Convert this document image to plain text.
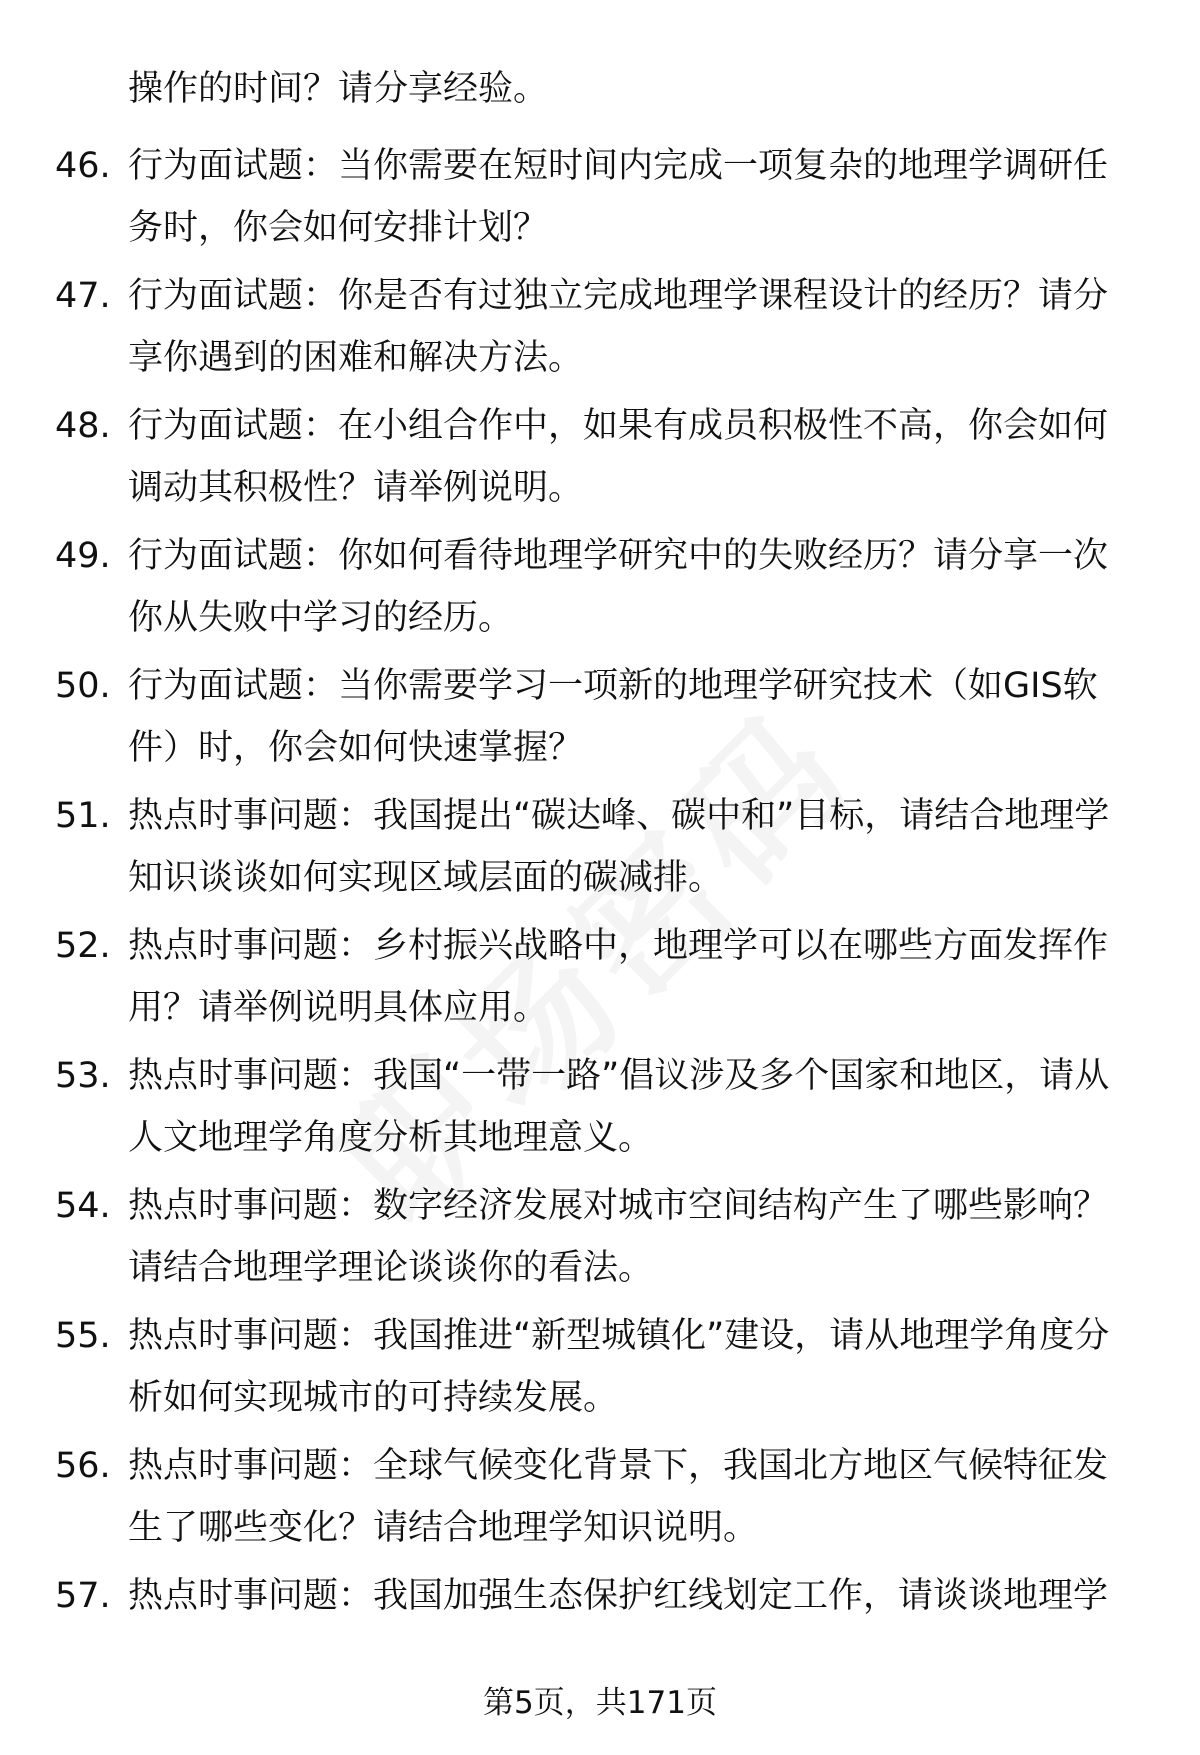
操作的时间？请分享经验。
46. 行为面试题：当你需要在短时间内完成一项复杂的地理学调研任务时，你会如何安排计划？
47. 行为面试题：你是否有过独立完成地理学课程设计的经历？请分享你遇到的困难和解决方法。
48. 行为面试题：在小组合作中，如果有成员积极性不高，你会如何调动其积极性？请举例说明。
49. 行为面试题：你如何看待地理学研究中的失败经历？请分享一次你从失败中学习的经历。
50. 行为面试题：当你需要学习一项新的地理学研究技术（如GIS软件）时，你会如何快速掌握？
51. 热点时事问题：我国提出“碳达峰、碳中和”目标，请结合地理学知识谈谈如何实现区域层面的碳减排。
52. 热点时事问题：乡村振兴战略中，地理学可以在哪些方面发挥作用？请举例说明具体应用。
53. 热点时事问题：我国“一带一路”倡议涉及多个国家和地区，请从人文地理学角度分析其地理意义。
54. 热点时事问题：数字经济发展对城市空间结构产生了哪些影响？请结合地理学理论谈谈你的看法。
55. 热点时事问题：我国推进“新型城镇化”建设，请从地理学角度分析如何实现城市的可持续发展。
56. 热点时事问题：全球气候变化背景下，我国北方地区气候特征发生了哪些变化？请结合地理学知识说明。
57. 热点时事问题：我国加强生态保护红线划定工作，请谈谈地理学
第5页，共171页
